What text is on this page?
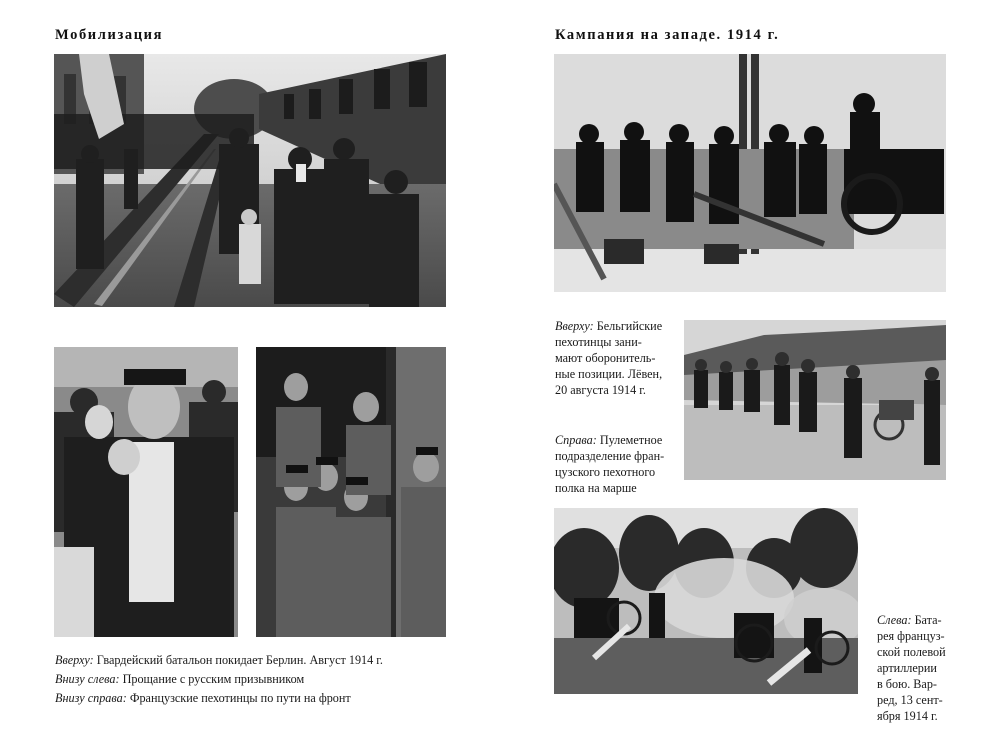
Мобилизация
Вверху: Гвардейский батальон покидает Берлин. Август 1914 г.
Внизу слева: Прощание с русским призывником
Внизу справа: Французские пехотинцы по пути на фронт
Кампания на западе. 1914 г.
Вверху: Бельгийские
пехотинцы зани-
мают оборонитель-
ные позиции. Лёвен,
20 августа 1914 г.
Справа: Пулеметное
подразделение фран-
цузского пехотного
полка на марше
Слева: Бата-
рея француз-
ской полевой
артиллерии
в бою. Вар-
ред, 13 сент-
ября 1914 г.
